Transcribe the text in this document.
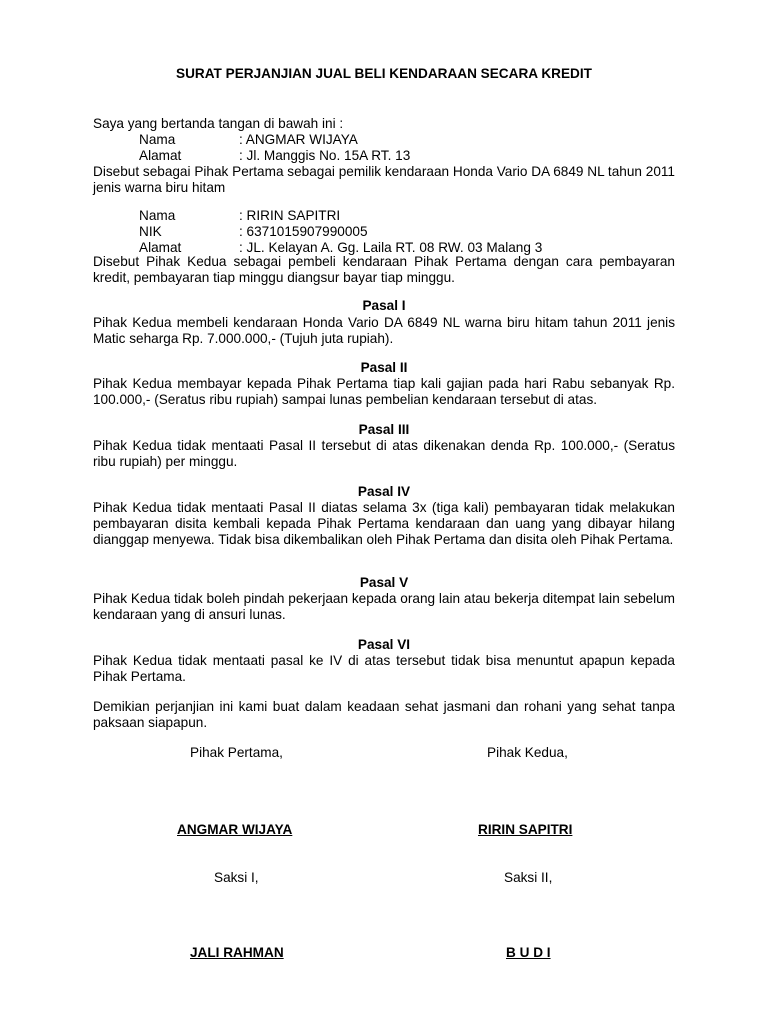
SURAT PERJANJIAN JUAL BELI KENDARAAN SECARA KREDIT
Saya yang bertanda tangan di bawah ini :
Nama	: ANGMAR WIJAYA
Alamat	: Jl. Manggis No. 15A RT. 13
Disebut sebagai Pihak Pertama sebagai pemilik kendaraan Honda Vario DA 6849 NL tahun 2011 jenis warna biru hitam
Nama	: RIRIN SAPITRI
NIK	: 6371015907990005
Alamat	: JL. Kelayan A. Gg. Laila RT. 08 RW. 03 Malang 3
Disebut Pihak Kedua sebagai pembeli kendaraan Pihak Pertama dengan cara pembayaran kredit, pembayaran tiap minggu diangsur bayar tiap minggu.
Pasal I
Pihak Kedua membeli kendaraan Honda Vario DA 6849 NL warna biru hitam tahun 2011 jenis Matic seharga Rp. 7.000.000,- (Tujuh juta rupiah).
Pasal II
Pihak Kedua membayar kepada Pihak Pertama tiap kali gajian pada hari Rabu sebanyak Rp. 100.000,- (Seratus ribu rupiah) sampai lunas pembelian kendaraan tersebut di atas.
Pasal III
Pihak Kedua tidak mentaati Pasal II tersebut di atas dikenakan denda Rp. 100.000,- (Seratus ribu rupiah) per minggu.
Pasal IV
Pihak Kedua tidak mentaati Pasal II diatas selama 3x (tiga kali) pembayaran tidak melakukan pembayaran disita kembali kepada Pihak Pertama kendaraan dan uang yang dibayar hilang dianggap menyewa. Tidak bisa dikembalikan oleh Pihak Pertama dan disita oleh Pihak Pertama.
Pasal V
Pihak Kedua tidak boleh pindah pekerjaan kepada orang lain atau bekerja ditempat lain sebelum kendaraan yang di ansuri lunas.
Pasal VI
Pihak Kedua tidak mentaati pasal ke IV di atas tersebut tidak bisa menuntut apapun kepada Pihak Pertama.
Demikian perjanjian ini kami buat dalam keadaan sehat jasmani dan rohani yang sehat tanpa paksaan siapapun.
Pihak Pertama,	Pihak Kedua,
ANGMAR WIJAYA	RIRIN SAPITRI
Saksi I,	Saksi II,
JALI RAHMAN	B U D I
